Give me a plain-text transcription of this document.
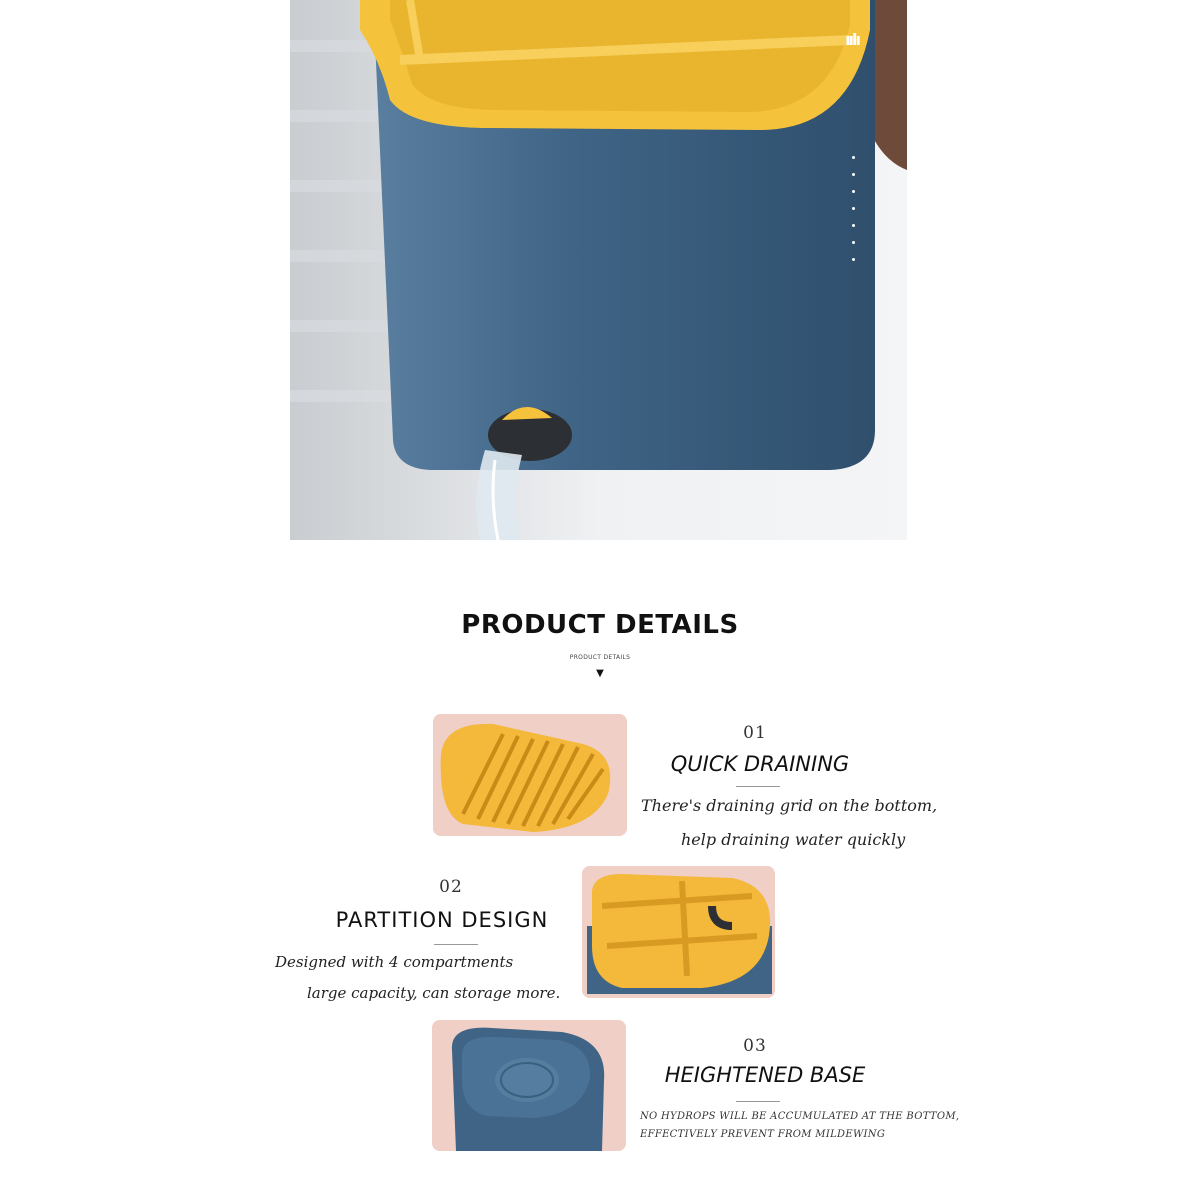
ıılı
PRODUCT DETAILS
PRODUCT DETAILS
▼
01
QUICK DRAINING
There's draining grid on the bottom,
help draining water quickly
02
PARTITION DESIGN
Designed with 4 compartments
large capacity, can storage more.
03
HEIGHTENED BASE
NO HYDROPS WILL BE ACCUMULATED AT THE BOTTOM,
EFFECTIVELY PREVENT FROM MILDEWING
